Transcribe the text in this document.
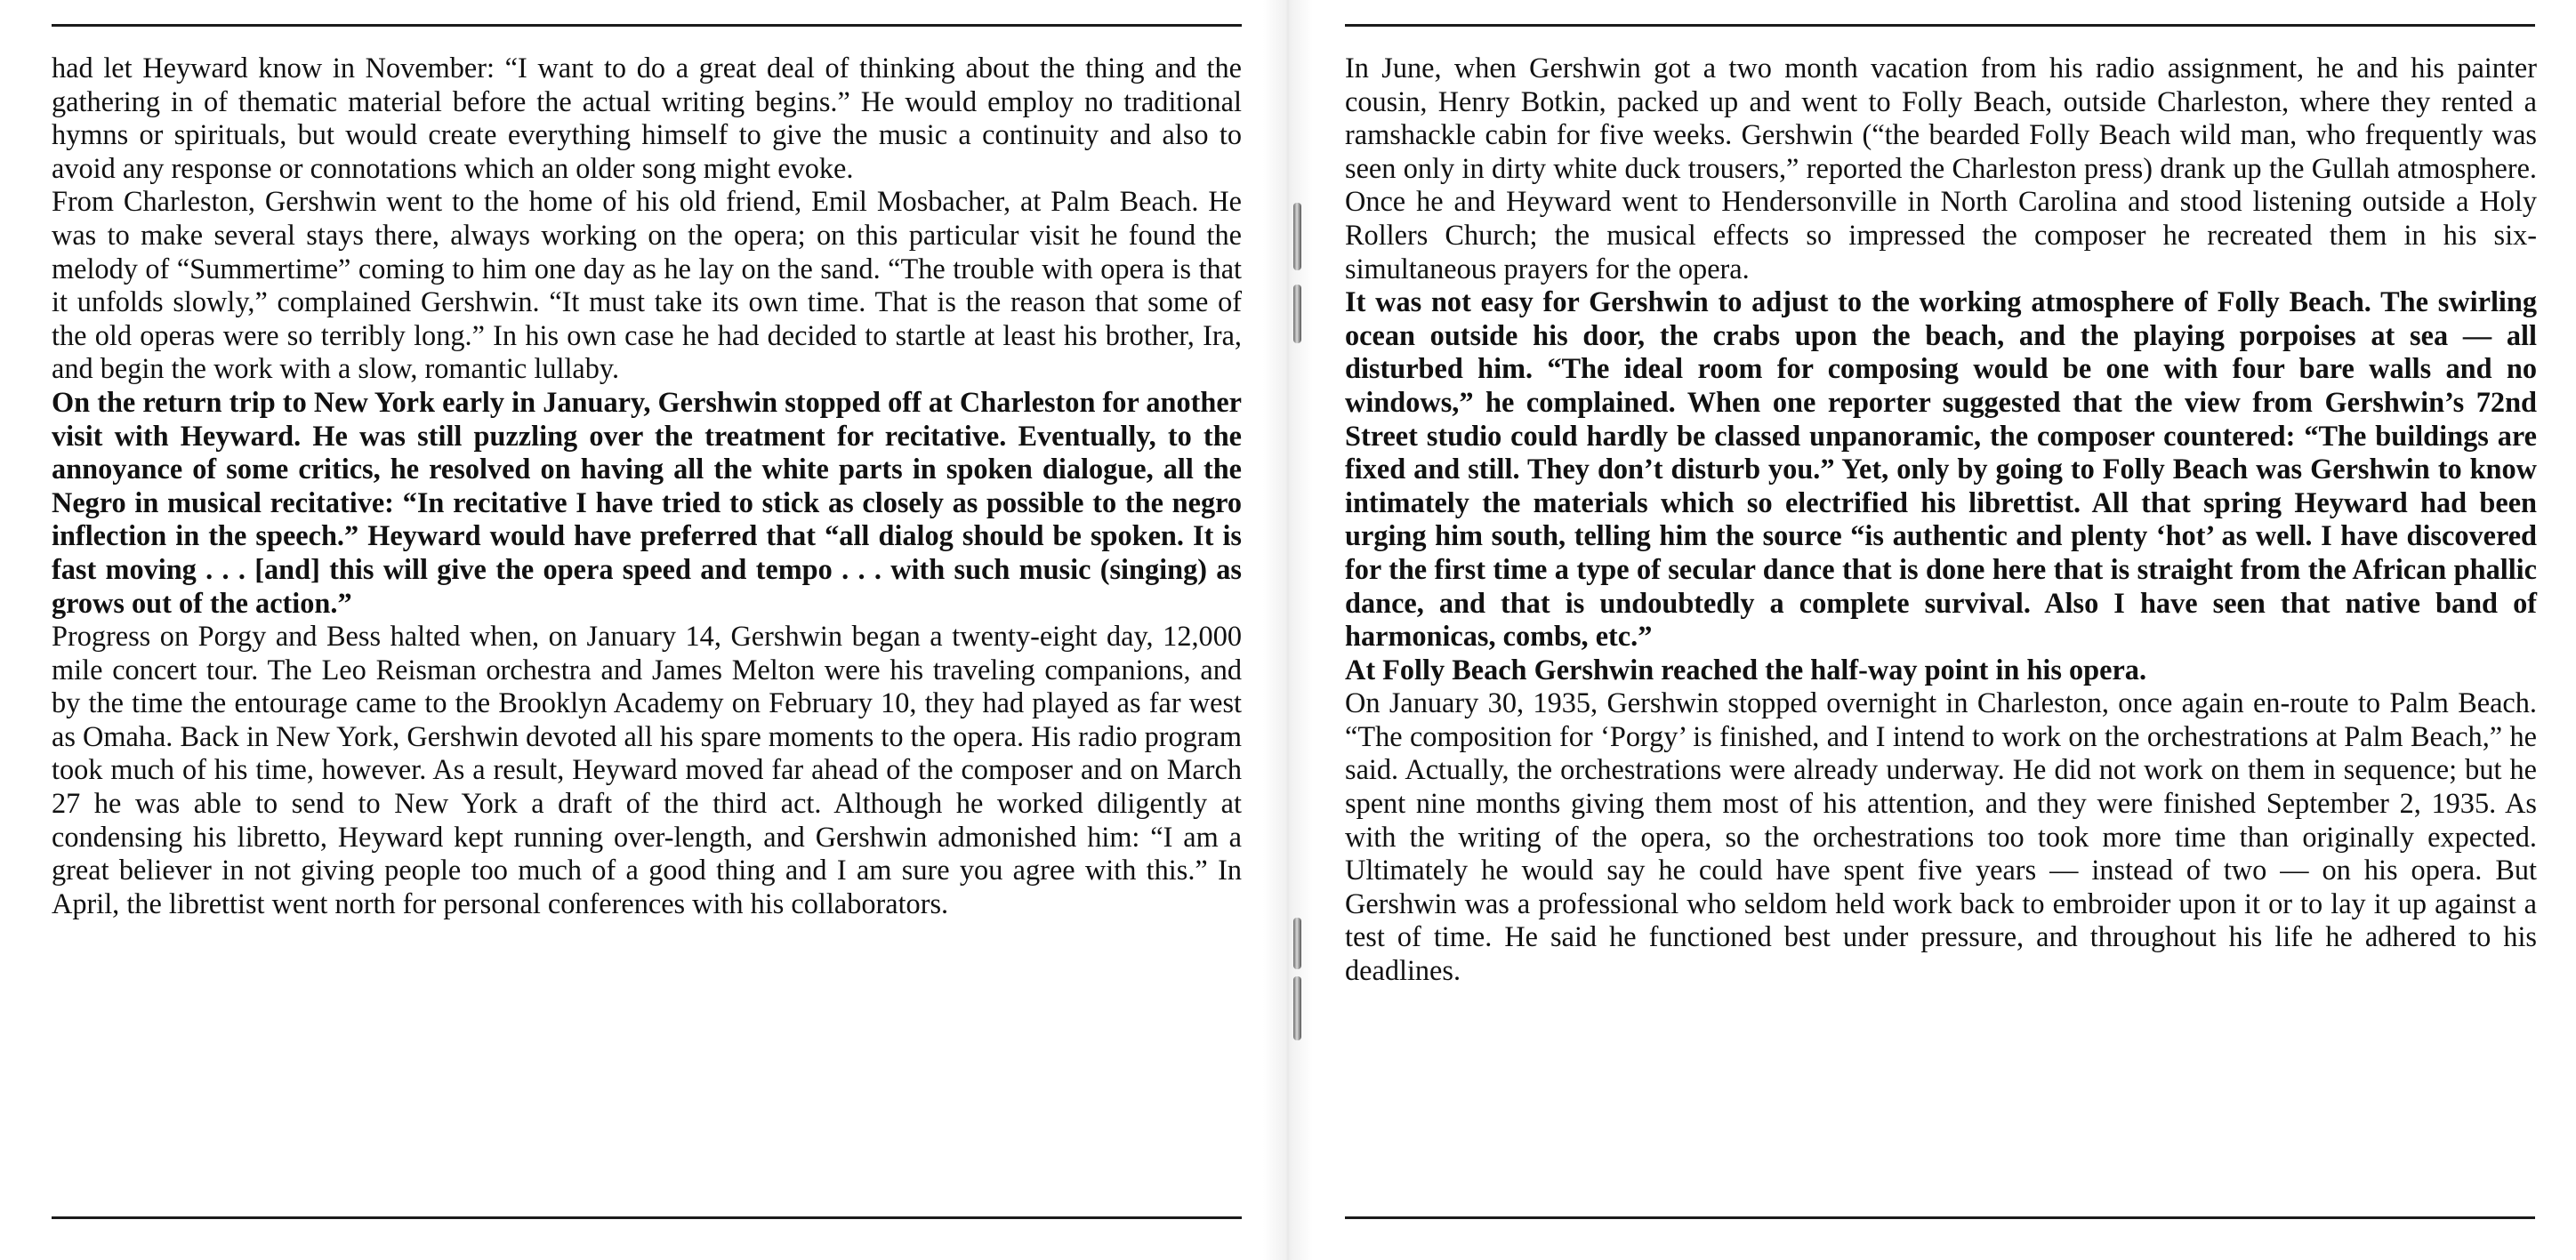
had let Heyward know in November: “I want to do a great deal of thinking about the thing and the gathering in of thematic material before the actual writing begins.” He would employ no traditional hymns or spirituals, but would create everything himself to give the music a continuity and also to avoid any response or connotations which an older song might evoke.

From Charleston, Gershwin went to the home of his old friend, Emil Mosbacher, at Palm Beach. He was to make several stays there, always working on the opera; on this particular visit he found the melody of “Summertime” coming to him one day as he lay on the sand. “The trouble with opera is that it unfolds slowly,” complained Gershwin. “It must take its own time. That is the reason that some of the old operas were so terribly long.” In his own case he had decided to startle at least his brother, Ira, and begin the work with a slow, romantic lullaby.

On the return trip to New York early in January, Gershwin stopped off at Charleston for another visit with Heyward. He was still puzzling over the treatment for recitative. Eventually, to the annoyance of some critics, he resolved on having all the white parts in spoken dialogue, all the Negro in musical recitative: “In recitative I have tried to stick as closely as possible to the negro inflection in the speech.” Heyward would have preferred that “all dialog should be spoken. It is fast moving . . . [and] this will give the opera speed and tempo . . . with such music (singing) as grows out of the action.”

Progress on Porgy and Bess halted when, on January 14, Gershwin began a twenty-eight day, 12,000 mile concert tour. The Leo Reisman orchestra and James Melton were his traveling companions, and by the time the entourage came to the Brooklyn Academy on February 10, they had played as far west as Omaha. Back in New York, Gershwin devoted all his spare moments to the opera. His radio program took much of his time, however. As a result, Heyward moved far ahead of the composer and on March 27 he was able to send to New York a draft of the third act. Although he worked diligently at condensing his libretto, Heyward kept running over-length, and Gershwin admonished him: “I am a great believer in not giving people too much of a good thing and I am sure you agree with this.” In April, the librettist went north for personal conferences with his collaborators.

In June, when Gershwin got a two month vacation from his radio assignment, he and his painter cousin, Henry Botkin, packed up and went to Folly Beach, outside Charleston, where they rented a ramshackle cabin for five weeks. Gershwin (“the bearded Folly Beach wild man, who frequently was seen only in dirty white duck trousers,” reported the Charleston press) drank up the Gullah atmosphere. Once he and Heyward went to Hendersonville in North Carolina and stood listening outside a Holy Rollers Church; the musical effects so impressed the composer he recreated them in his six-simultaneous prayers for the opera.

It was not easy for Gershwin to adjust to the working atmosphere of Folly Beach. The swirling ocean outside his door, the crabs upon the beach, and the playing porpoises at sea — all disturbed him. “The ideal room for composing would be one with four bare walls and no windows,” he complained. When one reporter suggested that the view from Gershwin’s 72nd Street studio could hardly be classed unpanoramic, the composer countered: “The buildings are fixed and still. They don’t disturb you.” Yet, only by going to Folly Beach was Gershwin to know intimately the materials which so electrified his librettist. All that spring Heyward had been urging him south, telling him the source “is authentic and plenty ‘hot’ as well. I have discovered for the first time a type of secular dance that is done here that is straight from the African phallic dance, and that is undoubtedly a complete survival. Also I have seen that native band of harmonicas, combs, etc.”

At Folly Beach Gershwin reached the half-way point in his opera.

On January 30, 1935, Gershwin stopped overnight in Charleston, once again en-route to Palm Beach. “The composition for ‘Porgy’ is finished, and I intend to work on the orchestrations at Palm Beach,” he said. Actually, the orchestrations were already underway. He did not work on them in sequence; but he spent nine months giving them most of his attention, and they were finished September 2, 1935. As with the writing of the opera, so the orchestrations too took more time than originally expected. Ultimately he would say he could have spent five years — instead of two — on his opera. But Gershwin was a professional who seldom held work back to embroider upon it or to lay it up against a test of time. He said he functioned best under pressure, and throughout his life he adhered to his deadlines.
